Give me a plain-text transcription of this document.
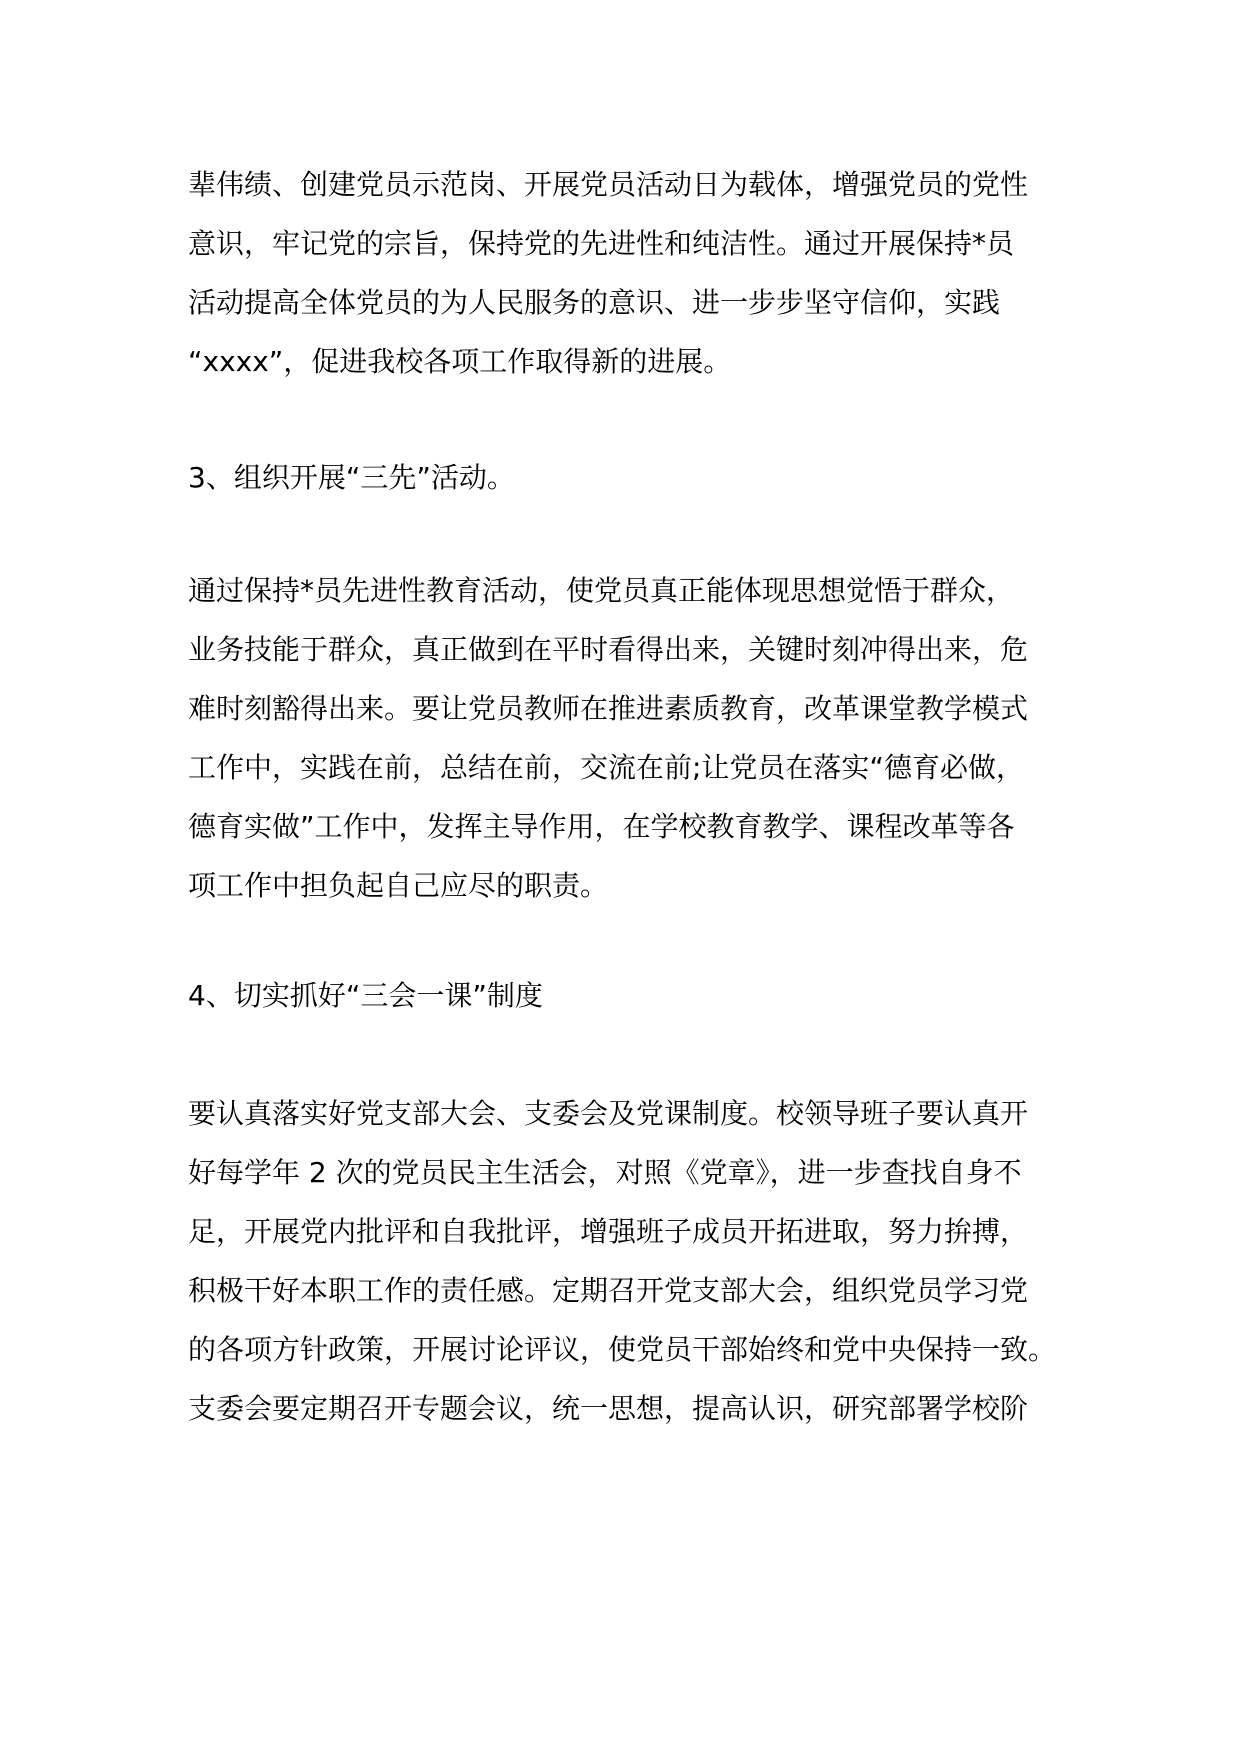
辈伟绩、创建党员示范岗、开展党员活动日为载体，增强党员的党性
意识，牢记党的宗旨，保持党的先进性和纯洁性。通过开展保持*员
活动提高全体党员的为人民服务的意识、进一步步坚守信仰，实践
“xxxx”，促进我校各项工作取得新的进展。
3、组织开展“三先”活动。
通过保持*员先进性教育活动，使党员真正能体现思想觉悟于群众，
业务技能于群众，真正做到在平时看得出来，关键时刻冲得出来，危
难时刻豁得出来。要让党员教师在推进素质教育，改革课堂教学模式
工作中，实践在前，总结在前，交流在前;让党员在落实“德育必做，
德育实做”工作中，发挥主导作用，在学校教育教学、课程改革等各
项工作中担负起自己应尽的职责。
4、切实抓好“三会一课”制度
要认真落实好党支部大会、支委会及党课制度。校领导班子要认真开
好每学年 2 次的党员民主生活会，对照《党章》，进一步查找自身不
足，开展党内批评和自我批评，增强班子成员开拓进取，努力拚搏，
积极干好本职工作的责任感。定期召开党支部大会，组织党员学习党
的各项方针政策，开展讨论评议，使党员干部始终和党中央保持一致。
支委会要定期召开专题会议，统一思想，提高认识，研究部署学校阶
